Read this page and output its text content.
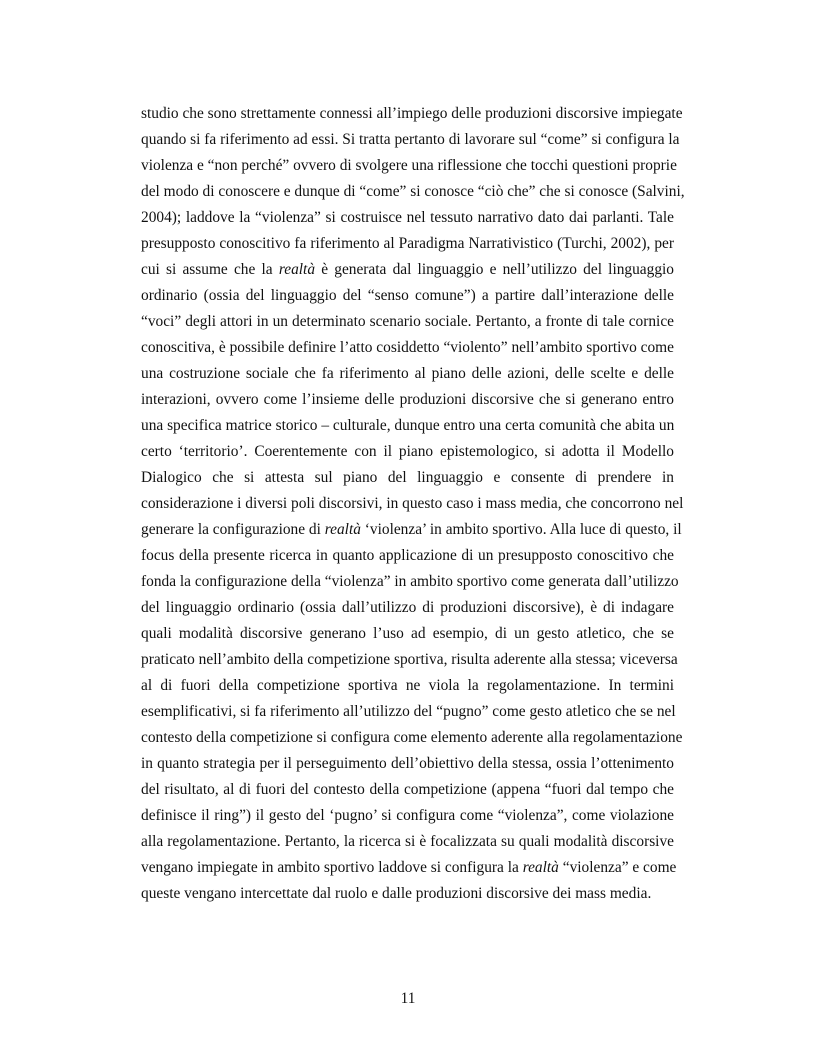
studio che sono strettamente connessi all’impiego delle produzioni discorsive impiegate
quando si fa riferimento ad essi. Si tratta pertanto di lavorare sul “come” si configura la
violenza e “non perché” ovvero di svolgere una riflessione che tocchi questioni proprie
del modo di conoscere e dunque di “come” si conosce “ciò che” che si conosce (Salvini,
2004); laddove la “violenza” si costruisce nel tessuto narrativo dato dai parlanti. Tale
presupposto conoscitivo fa riferimento al Paradigma Narrativistico (Turchi, 2002), per
cui si assume che la realtà è generata dal linguaggio e nell’utilizzo del linguaggio
ordinario (ossia del linguaggio del “senso comune”) a partire dall’interazione delle
“voci” degli attori in un determinato scenario sociale. Pertanto, a fronte di tale cornice
conoscitiva, è possibile definire l’atto cosiddetto “violento” nell’ambito sportivo come
una costruzione sociale che fa riferimento al piano delle azioni, delle scelte e delle
interazioni, ovvero come l’insieme delle produzioni discorsive che si generano entro
una specifica matrice storico – culturale, dunque entro una certa comunità che abita un
certo ‘territorio’. Coerentemente con il piano epistemologico, si adotta il Modello
Dialogico che si attesta sul piano del linguaggio e consente di prendere in
considerazione i diversi poli discorsivi, in questo caso i mass media, che concorrono nel
generare la configurazione di realtà ‘violenza’ in ambito sportivo. Alla luce di questo, il
focus della presente ricerca in quanto applicazione di un presupposto conoscitivo che
fonda la configurazione della “violenza” in ambito sportivo come generata dall’utilizzo
del linguaggio ordinario (ossia dall’utilizzo di produzioni discorsive), è di indagare
quali modalità discorsive generano l’uso ad esempio, di un gesto atletico, che se
praticato nell’ambito della competizione sportiva, risulta aderente alla stessa; viceversa
al di fuori della competizione sportiva ne viola la regolamentazione. In termini
esemplificativi, si fa riferimento all’utilizzo del “pugno” come gesto atletico che se nel
contesto della competizione si configura come elemento aderente alla regolamentazione
in quanto strategia per il perseguimento dell’obiettivo della stessa, ossia l’ottenimento
del risultato, al di fuori del contesto della competizione (appena “fuori dal tempo che
definisce il ring”) il gesto del ‘pugno’ si configura come “violenza”, come violazione
alla regolamentazione. Pertanto, la ricerca si è focalizzata su quali modalità discorsive
vengano impiegate in ambito sportivo laddove si configura la realtà “violenza” e come
queste vengano intercettate dal ruolo e dalle produzioni discorsive dei mass media.
11
